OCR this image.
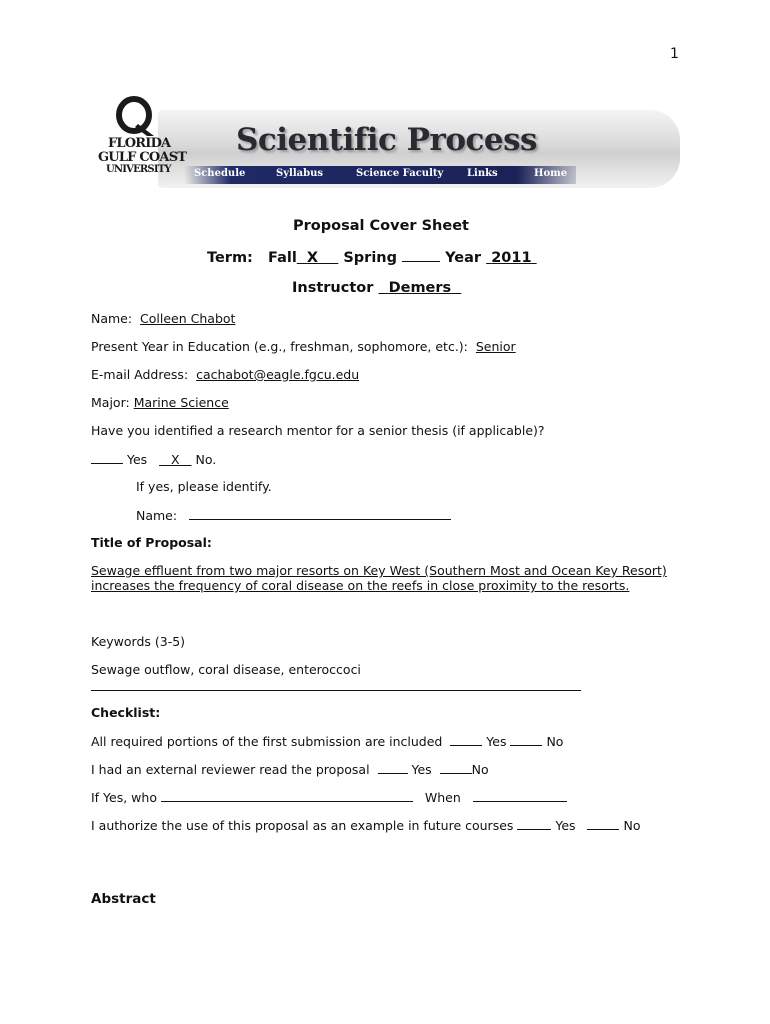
1
FLORIDA
GULF COAST
UNIVERSITY
Scientific Process
Schedule	Syllabus	Science Faculty Links	Home
Proposal Cover Sheet
Term: Fall X Spring	Year 2011
Instructor Demers
Name: Colleen Chabot
Present Year in Education (e.g., freshman, sophomore, etc.): Senior
E-mail Address: cachabot@eagle.fgcu.edu
Major: Marine Science
Have you identified a research mentor for a senior thesis (if applicable)?
Yes X No.
If yes, please identify.
Name:
Title of Proposal:
Sewage effluent from two major resorts on Key West (Southern Most and Ocean Key Resort)
increases the frequency of coral disease on the reefs in close proximity to the resorts.
Keywords (3-5)
Sewage outflow, coral disease, enteroccoci
Checklist:
All required portions of the first submission are included	Yes	No
I had an external reviewer read the proposal	Yes	No
If Yes, who	When
I authorize the use of this proposal as an example in future courses	Yes	No
Abstract
